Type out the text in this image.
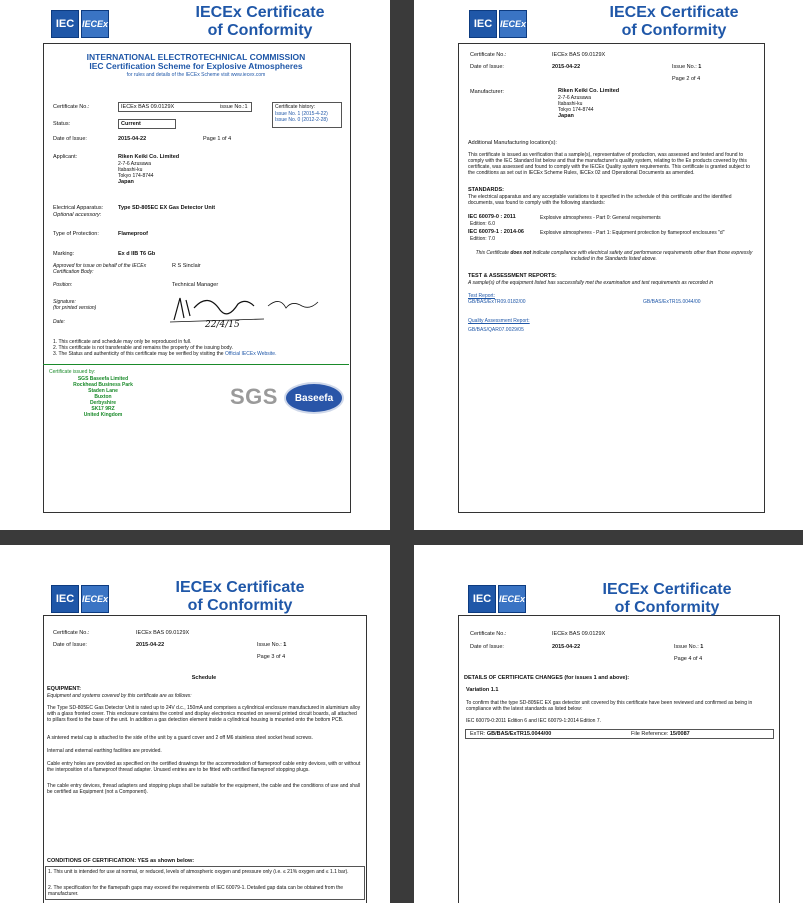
IEC IECEx
IECEx Certificate
of Conformity
INTERNATIONAL ELECTROTECHNICAL COMMISSION
IEC Certification Scheme for Explosive Atmospheres
for rules and details of the IECEx Scheme visit www.iecex.com
Certificate No.:	IECEx BAS 09.0129X	issue No.:1	Certificate history:
Issue No. 1 (2015-4-22)
Issue No. 0 (2012-2-28)
Status:	Current
Date of Issue:	2015-04-22	Page 1 of 4
Applicant:	Riken Keiki Co. Limited
2-7-6 Azusawa
Itabashi-ku
Tokyo 174-8744
Japan
Electrical Apparatus:
Optional accessory:
Type SD-805EC EX Gas Detector Unit
Type of Protection:	Flameproof
Marking:	Ex d IIB T6 Gb
Approved for issue on behalf of the IECEx Certification Body:
R S Sinclair
Position:	Technical Manager
Signature:
(for printed version)
Date:	22/4/15
1. This certificate and schedule may only be reproduced in full.
2. This certificate is not transferable and remains the property of the issuing body.
3. The Status and authenticity of this certificate may be verified by visiting the Official IECEx Website.
Certificate issued by:
SGS Baseefa Limited
Rockhead Business Park
Staden Lane
Buxton
Derbyshire
SK17 9RZ
United Kingdom
SGS	Baseefa
IEC IECEx
IECEx Certificate
of Conformity
Certificate No.:	IECEx BAS 09.0129X
Date of Issue:	2015-04-22	Issue No.: 1
Page 2 of 4
Manufacturer:	Riken Keiki Co. Limited
2-7-6 Azusawa
Itabashi-ku
Tokyo 174-8744
Japan
Additional Manufacturing location(s):
This certificate is issued as verification that a sample(s), representative of production, was assessed and tested and found to comply with the IEC Standard list below and that the manufacturer's quality system, relating to the Ex products covered by this certificate, was assessed and found to comply with the IECEx Quality system requirements. This certificate is granted subject to the conditions as set out in IECEx Scheme Rules, IECEx 02 and Operational Documents as amended.
STANDARDS:
The electrical apparatus and any acceptable variations to it specified in the schedule of this certificate and the identified documents, was found to comply with the following standards:
IEC 60079-0 : 2011
Edition: 6.0
Explosive atmospheres - Part 0: General requirements
IEC 60079-1 : 2014-06
Edition: 7.0
Explosive atmospheres - Part 1: Equipment protection by flameproof enclosures "d"
This Certificate does not indicate compliance with electrical safety and performance requirements other than those expressly included in the Standards listed above.
TEST & ASSESSMENT REPORTS:
A sample(s) of the equipment listed has successfully met the examination and test requirements as recorded in
Test Report:
GB/BAS/ExTR09.0182/00	GB/BAS/ExTR15.0044/00
Quality Assessment Report:
GB/BAS/QAR07.0029/05
IEC IECEx
IECEx Certificate
of Conformity
Certificate No.:	IECEx BAS 09.0129X
Date of Issue:	2015-04-22	Issue No.: 1
Page 3 of 4
Schedule
EQUIPMENT:
Equipment and systems covered by this certificate are as follows:
The Type SD-805EC Gas Detector Unit is rated up to 24V d.c., 150mA and comprises a cylindrical enclosure manufactured in aluminium alloy with a glass fronted cover. This enclosure contains the control and display electronics mounted on several printed circuit boards, all attached to pillars fixed to the base of the unit. In addition a gas detection element inside a cylindrical housing is mounted onto the bottom PCB.
A sintered metal cap is attached to the side of the unit by a guard cover and 2 off M6 stainless steel socket head screws.
Internal and external earthing facilities are provided.
Cable entry holes are provided as specified on the certified drawings for the accommodation of flameproof cable entry devices, with or without the interposition of a flameproof thread adapter. Unused entries are to be fitted with certified flameproof stopping plugs.
The cable entry devices, thread adapters and stopping plugs shall be suitable for the equipment, the cable and the conditions of use and shall be certified as Equipment (not a Component).
CONDITIONS OF CERTIFICATION: YES as shown below:
1. This unit is intended for use at normal, or reduced, levels of atmospheric oxygen and pressure only (i.e. ≤ 21% oxygen and ≤ 1.1 bar).
2. The specification for the flamepath gaps may exceed the requirements of IEC 60079-1. Detailed gap data can be obtained from the manufacturer.
IEC IECEx
IECEx Certificate
of Conformity
Certificate No.:	IECEx BAS 09.0129X
Date of Issue:	2015-04-22	Issue No.: 1
Page 4 of 4
DETAILS OF CERTIFICATE CHANGES (for issues 1 and above):
Variation 1.1
To confirm that the type SD-805EC EX gas detector unit covered by this certificate have been reviewed and confirmed as being in compliance with the latest standards as listed below:
IEC 60079-0:2011 Edition 6 and IEC 60079-1:2014 Edition 7.
ExTR: GB/BAS/ExTR15.0044/00	File Reference: 15/0087
